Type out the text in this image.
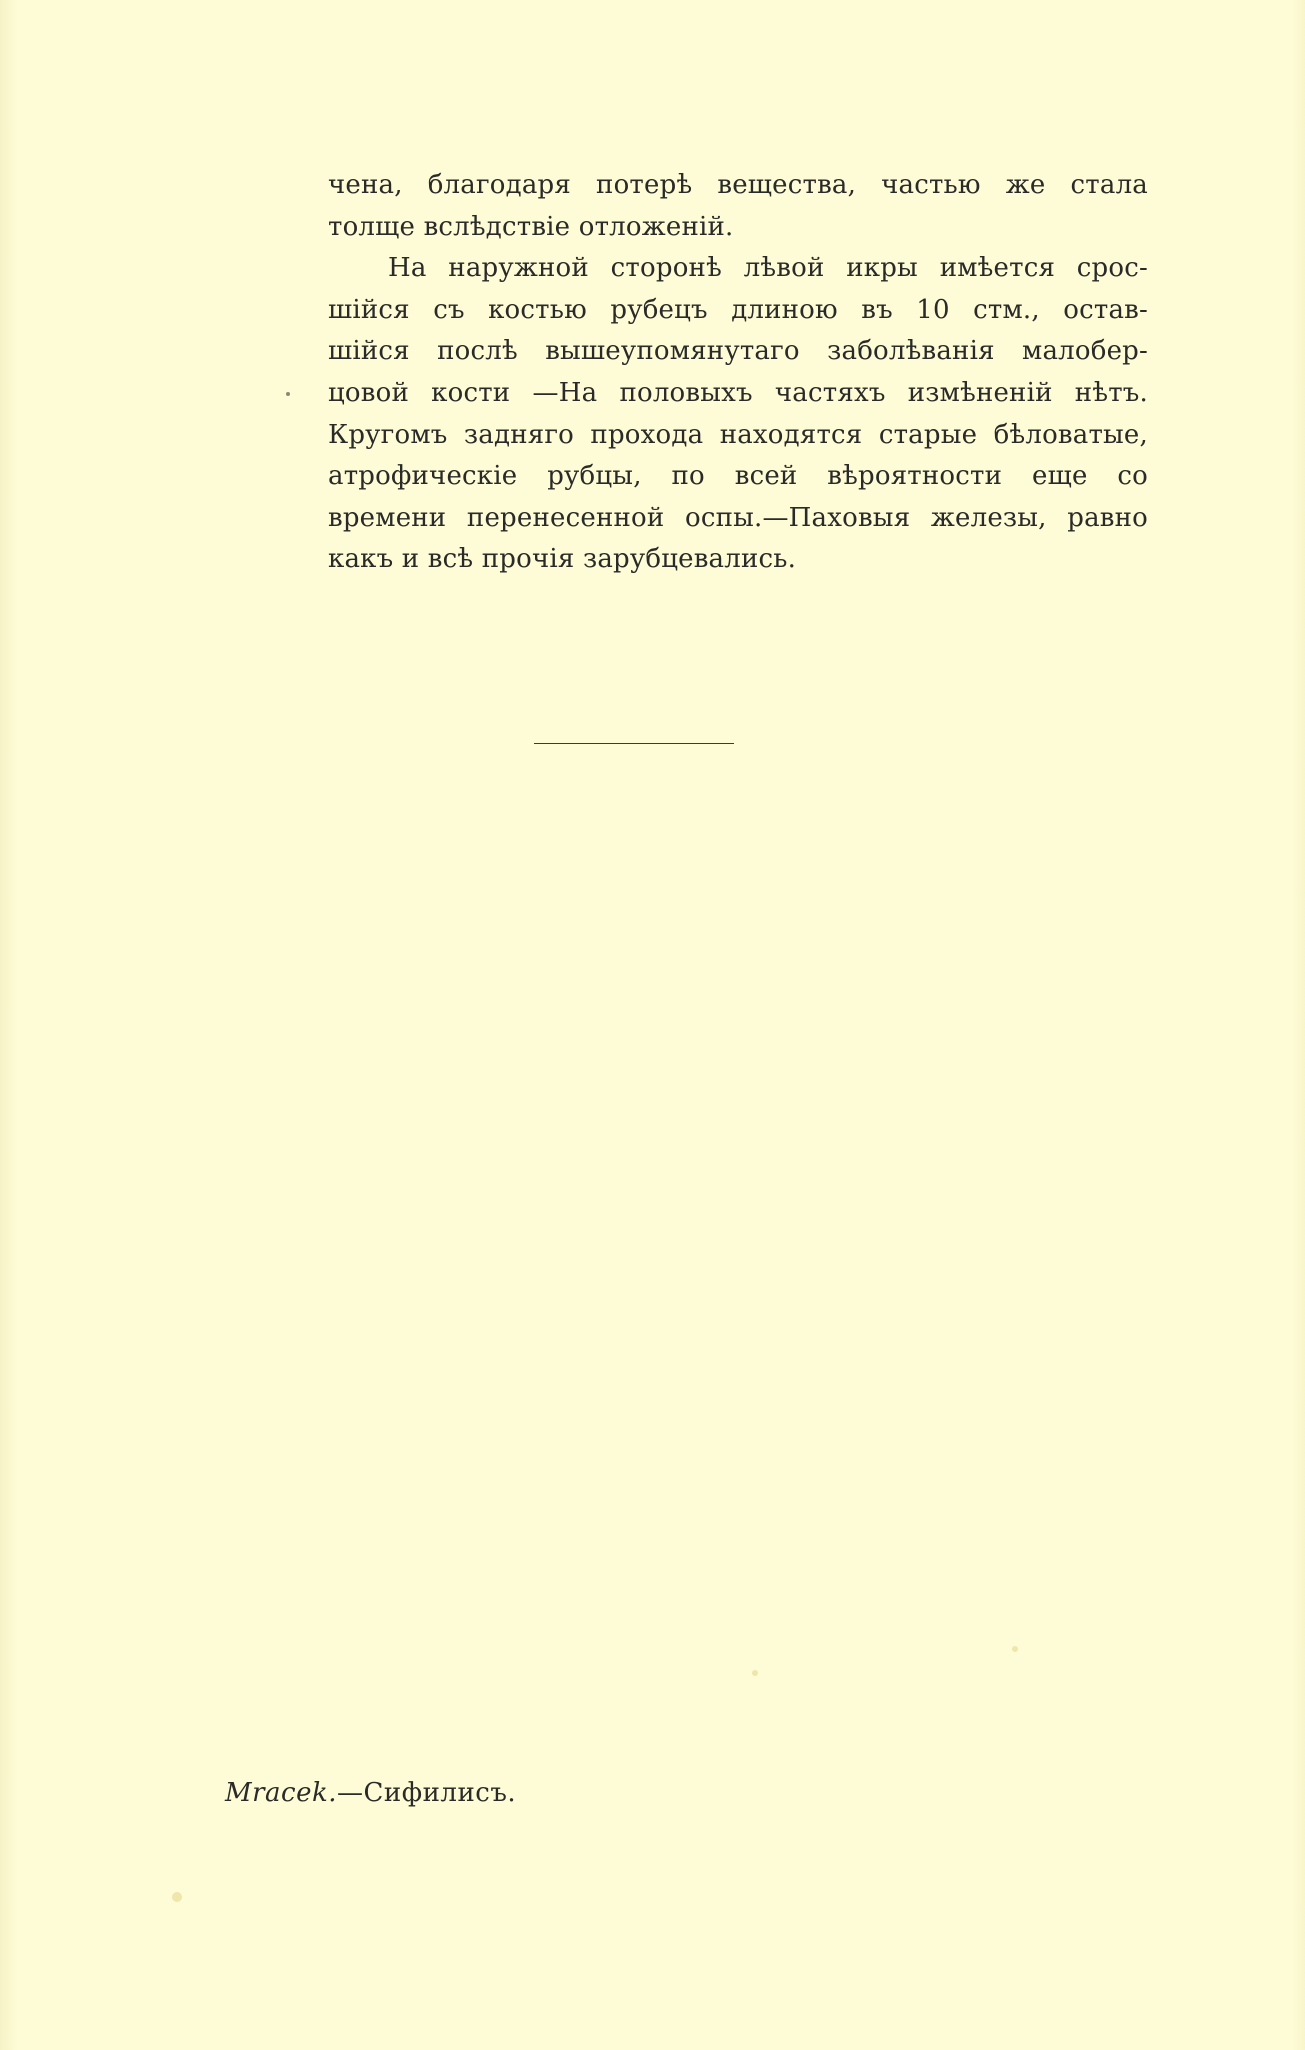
чена, благодаря потерѣ вещества, частью же стала
толще вслѣдствіе отложеній.
На наружной сторонѣ лѣвой икры имѣется срос-
шійся съ костью рубецъ длиною въ 10 стм., остав-
шійся послѣ вышеупомянутаго заболѣванія малобер-
цовой кости —На половыхъ частяхъ измѣненій нѣтъ.
Кругомъ задняго прохода находятся старые бѣловатые,
атрофическіе рубцы, по всей вѣроятности еще со
времени перенесенной оспы.—Паховыя железы, равно
какъ и всѣ прочія зарубцевались.
Mracek.—Сифилисъ.
